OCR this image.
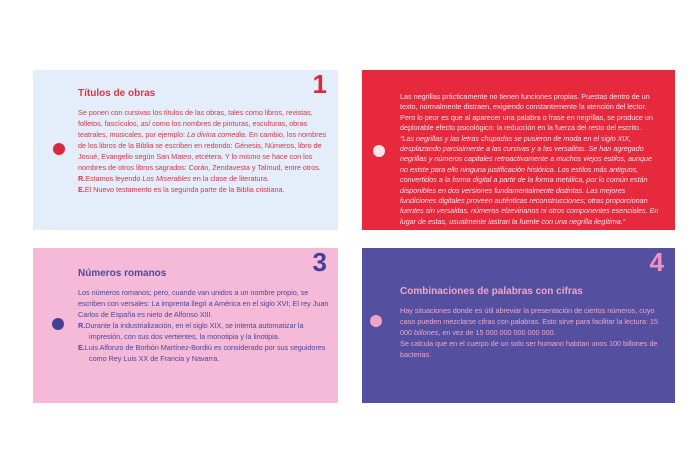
1
Títulos de obras

Se ponen con cursivas los títulos de las obras, tales como libros, revistas, folletos, fascículos, así como los nombres de pinturas, esculturas, obras teatrales, musicales, por ejemplo: La divina comedia. En cambio, los nombres de los libros de la Biblia se escriben en redondo: Génesis, Números, libro de Josué, Evangelio según San Mateo, etcétera. Y lo mismo se hace con los nombres de otros libros sagrados: Corán, Zendavesta y Talmud, entre otros.

R.Estamos leyendo Los Miserables en la clase de literatura.

E.El Nuevo testamento es la segunda parte de la Biblia cristiana.

Las negrillas prácticamente no tienen funciones propias. Puestas dentro de un texto, normalmente distraen, exigiendo constantemente la atención del lector. Pero lo peor es que al aparecer una palabra o frase en negrillas, se produce un deplorable efecto psicológico: la reducción en la fuerza del resto del escrito.

“Las negrillas y las letras chupadas se pusieron de moda en el siglo XIX, desplazando parcialmente a las cursivas y a las versalitas. Se han agregado negrillas y números capitales retroactivamente a muchos viejos estilos, aunque no existe para ello ninguna justificación histórica. Los estilos más antiguos, convertidos a la forma digital a partir de la forma metálica, por lo común están disponibles en dos versiones fundamentalmente distintas. Las mejores fundiciones digitales proveen auténticas reconstrucciones; otras proporcionan fuentes sin versalitas, números elzevirianos ni otros componentes esenciales. En lugar de estas, usualmente lastran la fuente con una negrilla ilegítima.”

3
Números romanos

Los números romanos; pero, cuando van unidos a un nombre propio, se escriben con versales: La imprenta llegó a América en el siglo XVI; El rey Juan Carlos de España es nieto de Alfonso XIII.

R.Durante la industrialización, en el siglo XIX, se intenta automatizar la impresión, con sus dos vertientes, la monotipia y la linotipia.

E.Luis Alfonzo de Borbón Martínez-Bordiú es considerado por sus seguidores como Rey Luis XX de Francia y Navarra.

4
Combinaciones de palabras con cifras

Hay situaciones donde es útil abreviar la presentación de ciertos números, cuyo caso pueden mezclarse cifras con palabras. Esto sirve para facilitar la lectura: 15 000 billones, en vez de 15 000 000 000 000 000.

Se calcula que en el cuerpo de un solo ser humano habitan unos 100 billones de bacterias.
